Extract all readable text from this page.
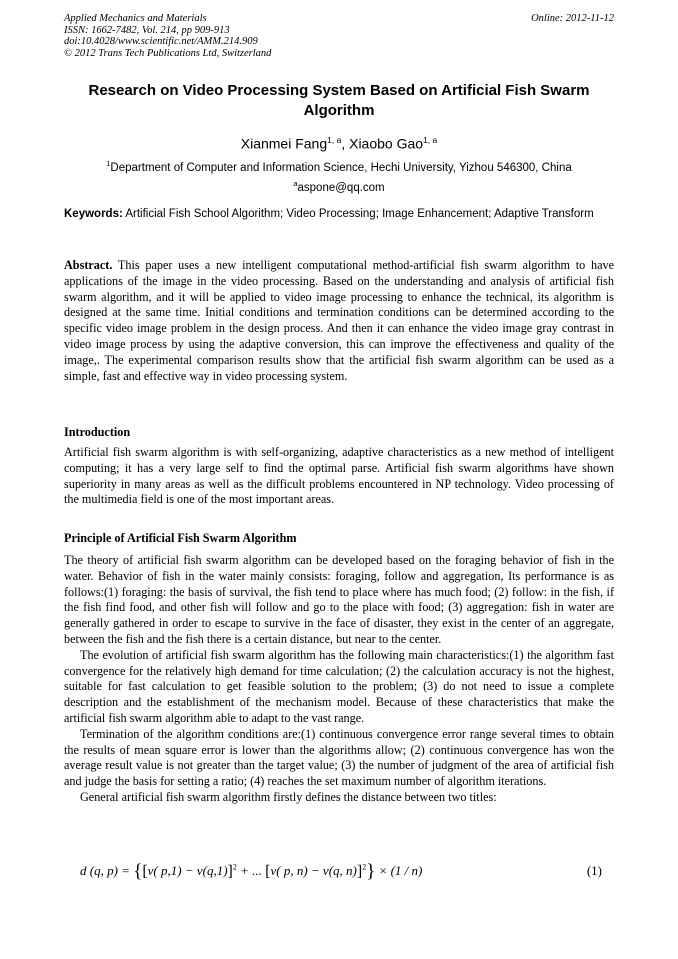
Applied Mechanics and Materials
ISSN: 1662-7482, Vol. 214, pp 909-913
doi:10.4028/www.scientific.net/AMM.214.909
© 2012 Trans Tech Publications Ltd, Switzerland
Online: 2012-11-12
Research on Video Processing System Based on Artificial Fish Swarm Algorithm
Xianmei Fang$^{1, a}$, Xiaobo Gao$^{1, a}$
$^1$Department of Computer and Information Science, Hechi University, Yizhou 546300, China
$^a$aspone@qq.com
Keywords: Artificial Fish School Algorithm; Video Processing; Image Enhancement; Adaptive Transform
Abstract. This paper uses a new intelligent computational method-artificial fish swarm algorithm to have applications of the image in the video processing. Based on the understanding and analysis of artificial fish swarm algorithm, and it will be applied to video image processing to enhance the technical, its algorithm is designed at the same time. Initial conditions and termination conditions can be determined according to the specific video image problem in the design process. And then it can enhance the video image gray contrast in video image process by using the adaptive conversion, this can improve the effectiveness and quality of the image,. The experimental comparison results show that the artificial fish swarm algorithm can be used as a simple, fast and effective way in video processing system.
Introduction
Artificial fish swarm algorithm is with self-organizing, adaptive characteristics as a new method of intelligent computing; it has a very large self to find the optimal parse. Artificial fish swarm algorithms have shown superiority in many areas as well as the difficult problems encountered in NP technology. Video processing of the multimedia field is one of the most important areas.
Principle of Artificial Fish Swarm Algorithm

The theory of artificial fish swarm algorithm can be developed based on the foraging behavior of fish in the water. Behavior of fish in the water mainly consists: foraging, follow and aggregation, Its performance is as follows:(1) foraging: the basis of survival, the fish tend to place where has much food; (2) follow: in the fish, if the fish find food, and other fish will follow and go to the place with food; (3) aggregation: fish in water are generally gathered in order to escape to survive in the face of disaster, they exist in the center of an aggregate, between the fish and the fish there is a certain distance, but near to the center.

The evolution of artificial fish swarm algorithm has the following main characteristics:(1) the algorithm fast convergence for the relatively high demand for time calculation; (2) the calculation accuracy is not the highest, suitable for fast calculation to get feasible solution to the problem; (3) do not need to issue a complete description and the establishment of the mechanism model. Because of these characteristics that make the artificial fish swarm algorithm able to adapt to the vast range.

Termination of the algorithm conditions are:(1) continuous convergence error range several times to obtain the results of mean square error is lower than the algorithms allow; (2) continuous convergence has won the average result value is not greater than the target value; (3) the number of judgment of the area of artificial fish and judge the basis for setting a ratio; (4) reaches the set maximum number of algorithm iterations.

General artificial fish swarm algorithm firstly defines the distance between two titles:

d (q, p) = {[v( p,1) − v(q,1)]$^2$ + ... [v( p, n) − v(q, n)]$^2$} × (1 / n)	(1)
